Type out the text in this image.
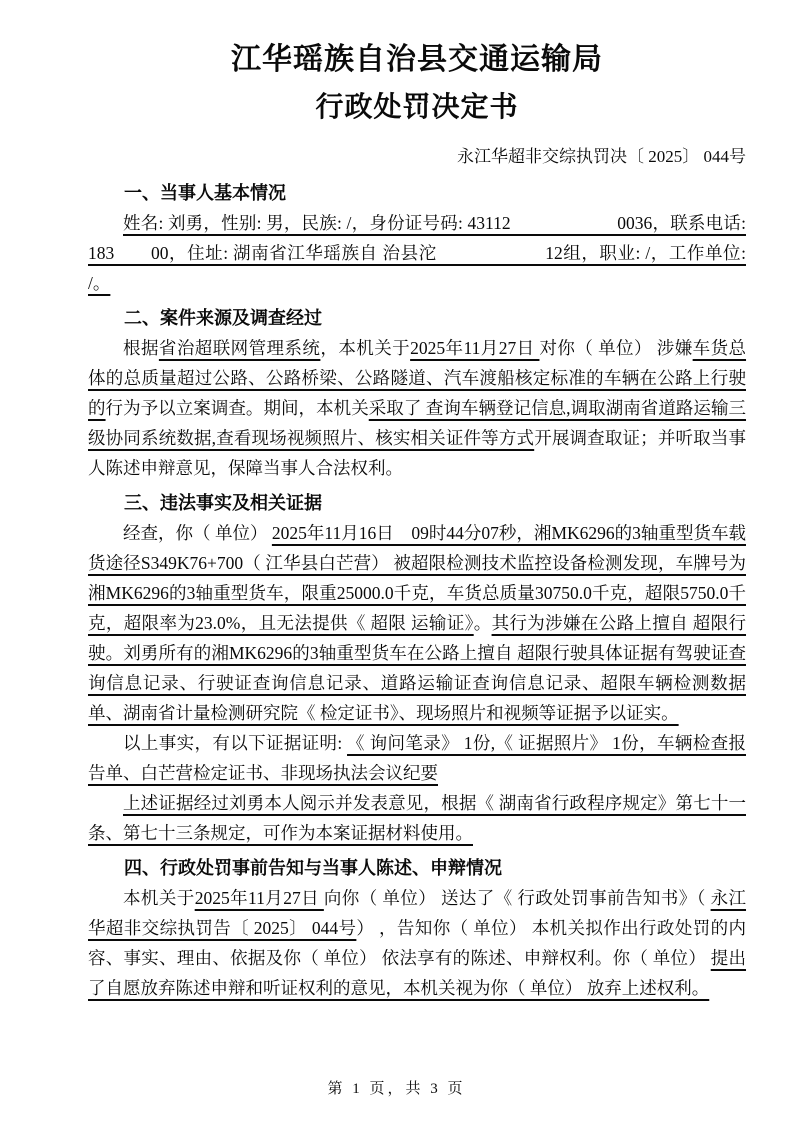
江华瑶族自治县交通运输局
行政处罚决定书
永江华超非交综执罚决〔 2025〕 044号
一、当事人基本情况

姓名: 刘勇，性别: 男，民族: /，身份证号码: 43112　　　　　　0036，联系电话: 183　　00，住址: 湖南省江华瑶族自 治县沱　　　　　　12组，职业: /，工作单位: /。

二、案件来源及调查经过

根据省治超联网管理系统，本机关于2025年11月27日 对你（ 单位） 涉嫌车货总体的总质量超过公路、公路桥梁、公路隧道、汽车渡船核定标准的车辆在公路上行驶的行为予以立案调查。期间，本机关采取了 查询车辆登记信息,调取湖南省道路运输三级协同系统数据,查看现场视频照片、核实相关证件等方式开展调查取证；并听取当事人陈述申辩意见，保障当事人合法权利。

三、违法事实及相关证据

经查，你（ 单位） 2025年11月16日　09时44分07秒，湘MK6296的3轴重型货车载货途径S349K76+700（ 江华县白芒营） 被超限检测技术监控设备检测发现，车牌号为湘MK6296的3轴重型货车，限重25000.0千克，车货总质量30750.0千克，超限5750.0千克，超限率为23.0%，且无法提供《 超限 运输证》。其行为涉嫌在公路上擅自 超限行驶。刘勇所有的湘MK6296的3轴重型货车在公路上擅自 超限行驶具体证据有驾驶证查询信息记录、行驶证查询信息记录、道路运输证查询信息记录、超限车辆检测数据单、湖南省计量检测研究院《 检定证书》、现场照片和视频等证据予以证实。

以上事实，有以下证据证明: 《 询问笔录》 1份,《 证据照片》 1份，车辆检查报告单、白芒营检定证书、非现场执法会议纪要

上述证据经过刘勇本人阅示并发表意见，根据《 湖南省行政程序规定》第七十一条、第七十三条规定，可作为本案证据材料使用。

四、行政处罚事前告知与当事人陈述、申辩情况

本机关于2025年11月27日 向你（ 单位） 送达了《 行政处罚事前告知书》（ 永江华超非交综执罚告〔 2025〕 044号） ，告知你（ 单位） 本机关拟作出行政处罚的内容、事实、理由、依据及你（ 单位） 依法享有的陈述、申辩权利。你（ 单位） 提出了自愿放弃陈述申辩和听证权利的意见，本机关视为你（ 单位） 放弃上述权利。

第 1 页，共 3 页
